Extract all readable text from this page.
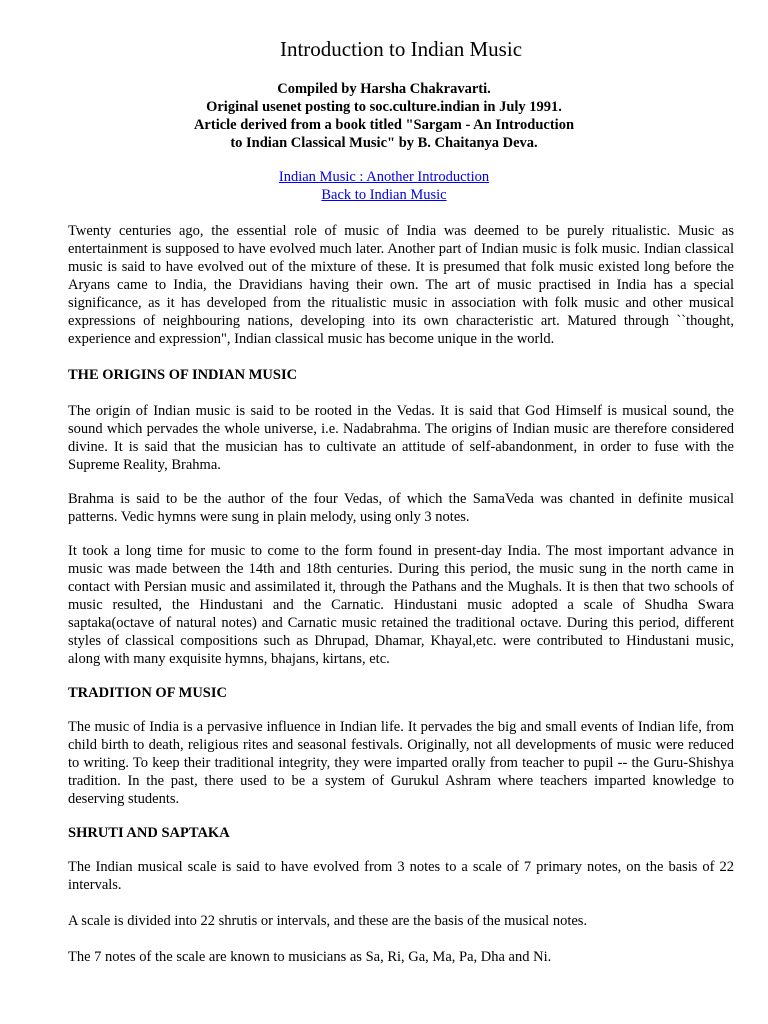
Introduction to Indian Music
Compiled by Harsha Chakravarti.
Original usenet posting to soc.culture.indian in July 1991.
Article derived from a book titled "Sargam - An Introduction
to Indian Classical Music" by B. Chaitanya Deva.
Indian Music : Another Introduction
Back to Indian Music

Twenty centuries ago, the essential role of music of India was deemed to be purely ritualistic. Music as entertainment is supposed to have evolved much later. Another part of Indian music is folk music. Indian classical music is said to have evolved out of the mixture of these. It is presumed that folk music existed long before the Aryans came to India, the Dravidians having their own. The art of music practised in India has a special significance, as it has developed from the ritualistic music in association with folk music and other musical expressions of neighbouring nations, developing into its own characteristic art. Matured through ``thought, experience and expression", Indian classical music has become unique in the world.

THE ORIGINS OF INDIAN MUSIC

The origin of Indian music is said to be rooted in the Vedas. It is said that God Himself is musical sound, the sound which pervades the whole universe, i.e. Nadabrahma. The origins of Indian music are therefore considered divine. It is said that the musician has to cultivate an attitude of self-abandonment, in order to fuse with the Supreme Reality, Brahma.

Brahma is said to be the author of the four Vedas, of which the SamaVeda was chanted in definite musical patterns. Vedic hymns were sung in plain melody, using only 3 notes.

It took a long time for music to come to the form found in present-day India. The most important advance in music was made between the 14th and 18th centuries. During this period, the music sung in the north came in contact with Persian music and assimilated it, through the Pathans and the Mughals. It is then that two schools of music resulted, the Hindustani and the Carnatic. Hindustani music adopted a scale of Shudha Swara saptaka(octave of natural notes) and Carnatic music retained the traditional octave. During this period, different styles of classical compositions such as Dhrupad, Dhamar, Khayal,etc. were contributed to Hindustani music, along with many exquisite hymns, bhajans, kirtans, etc.

TRADITION OF MUSIC

The music of India is a pervasive influence in Indian life. It pervades the big and small events of Indian life, from child birth to death, religious rites and seasonal festivals. Originally, not all developments of music were reduced to writing. To keep their traditional integrity, they were imparted orally from teacher to pupil -- the Guru-Shishya tradition. In the past, there used to be a system of Gurukul Ashram where teachers imparted knowledge to deserving students.

SHRUTI AND SAPTAKA

The Indian musical scale is said to have evolved from 3 notes to a scale of 7 primary notes, on the basis of 22 intervals.

A scale is divided into 22 shrutis or intervals, and these are the basis of the musical notes.

The 7 notes of the scale are known to musicians as Sa, Ri, Ga, Ma, Pa, Dha and Ni.
